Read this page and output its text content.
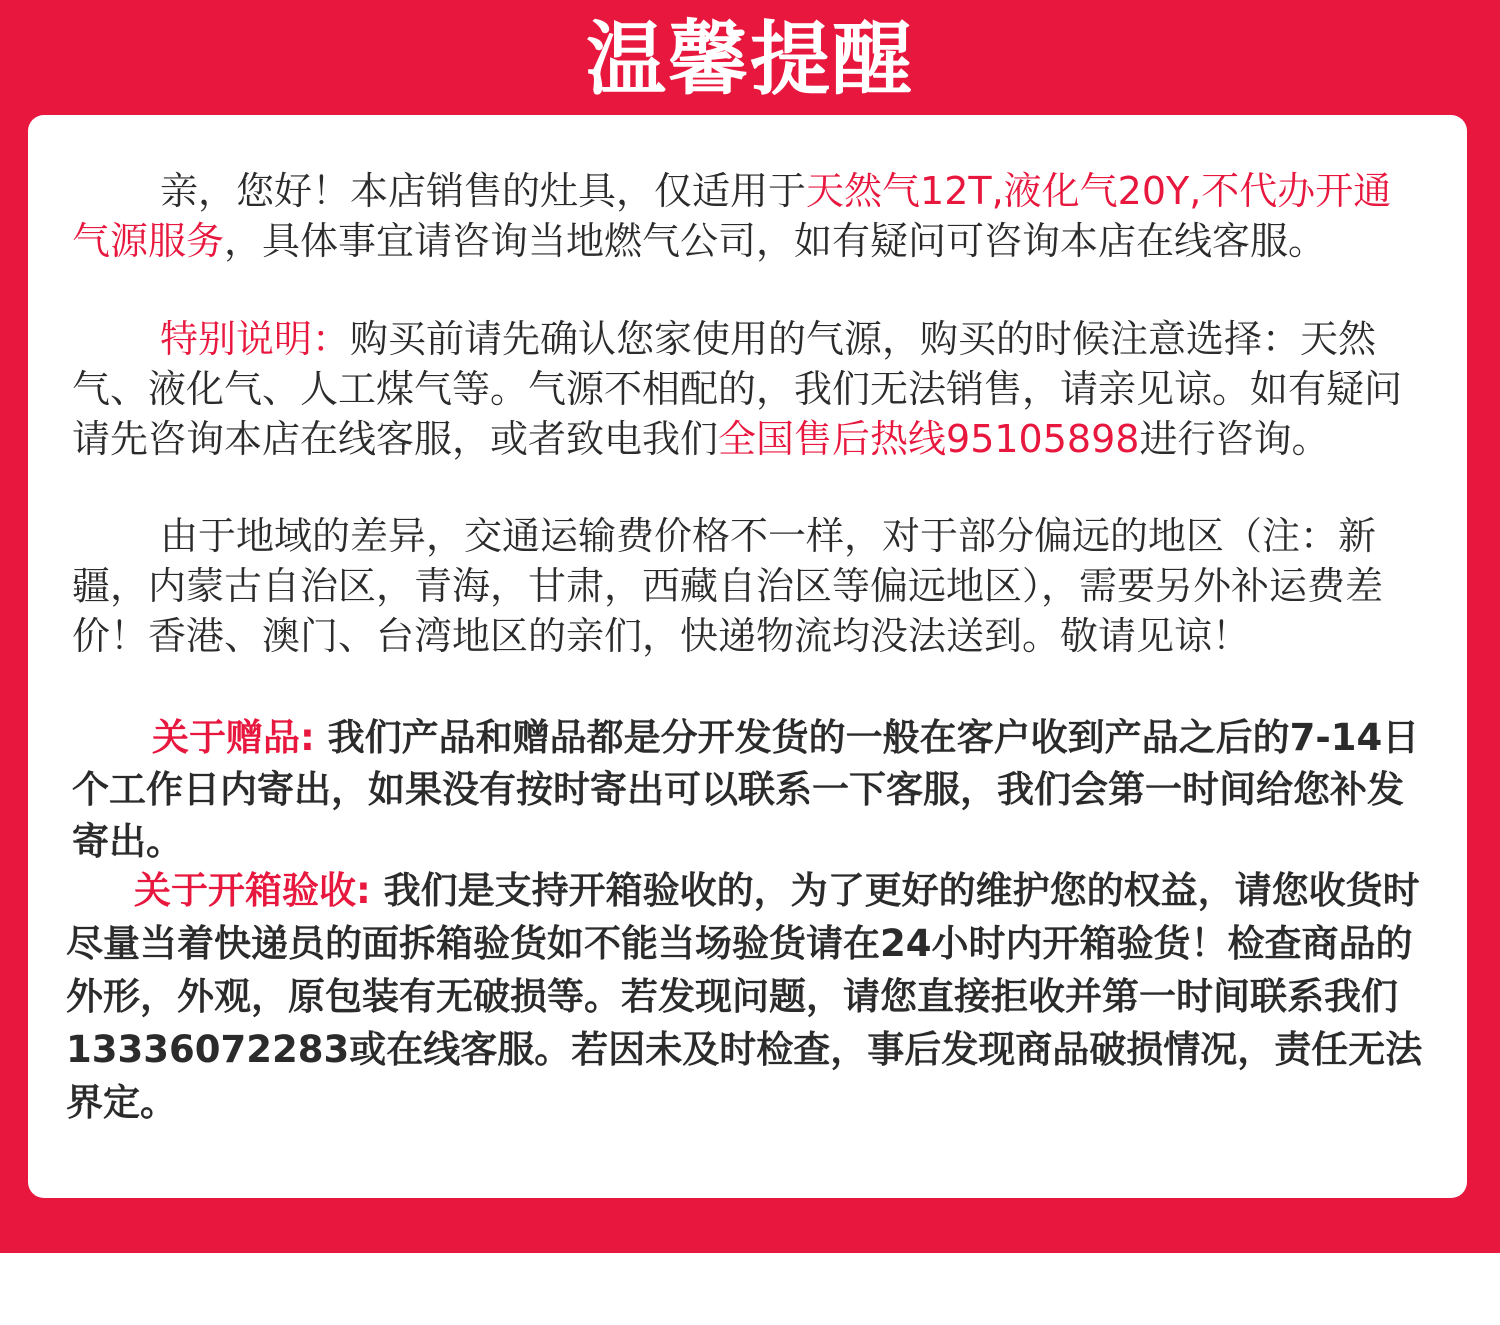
温馨提醒

亲，您好！本店销售的灶具，仅适用于天然气12T,液化气20Y,不代办开通气源服务，具体事宜请咨询当地燃气公司，如有疑问可咨询本店在线客服。

特别说明：购买前请先确认您家使用的气源，购买的时候注意选择：天然气、液化气、人工煤气等。气源不相配的，我们无法销售，请亲见谅。如有疑问请先咨询本店在线客服，或者致电我们全国售后热线95105898进行咨询。

由于地域的差异，交通运输费价格不一样，对于部分偏远的地区（注：新疆，内蒙古自治区，青海，甘肃，西藏自治区等偏远地区），需要另外补运费差价！香港、澳门、台湾地区的亲们，快递物流均没法送到。敬请见谅！

关于赠品: 我们产品和赠品都是分开发货的一般在客户收到产品之后的7-14日个工作日内寄出，如果没有按时寄出可以联系一下客服，我们会第一时间给您补发寄出。

关于开箱验收: 我们是支持开箱验收的，为了更好的维护您的权益，请您收货时尽量当着快递员的面拆箱验货如不能当场验货请在24小时内开箱验货！检查商品的外形，外观，原包装有无破损等。若发现问题，请您直接拒收并第一时间联系我们13336072283或在线客服。若因未及时检查，事后发现商品破损情况，责任无法界定。
